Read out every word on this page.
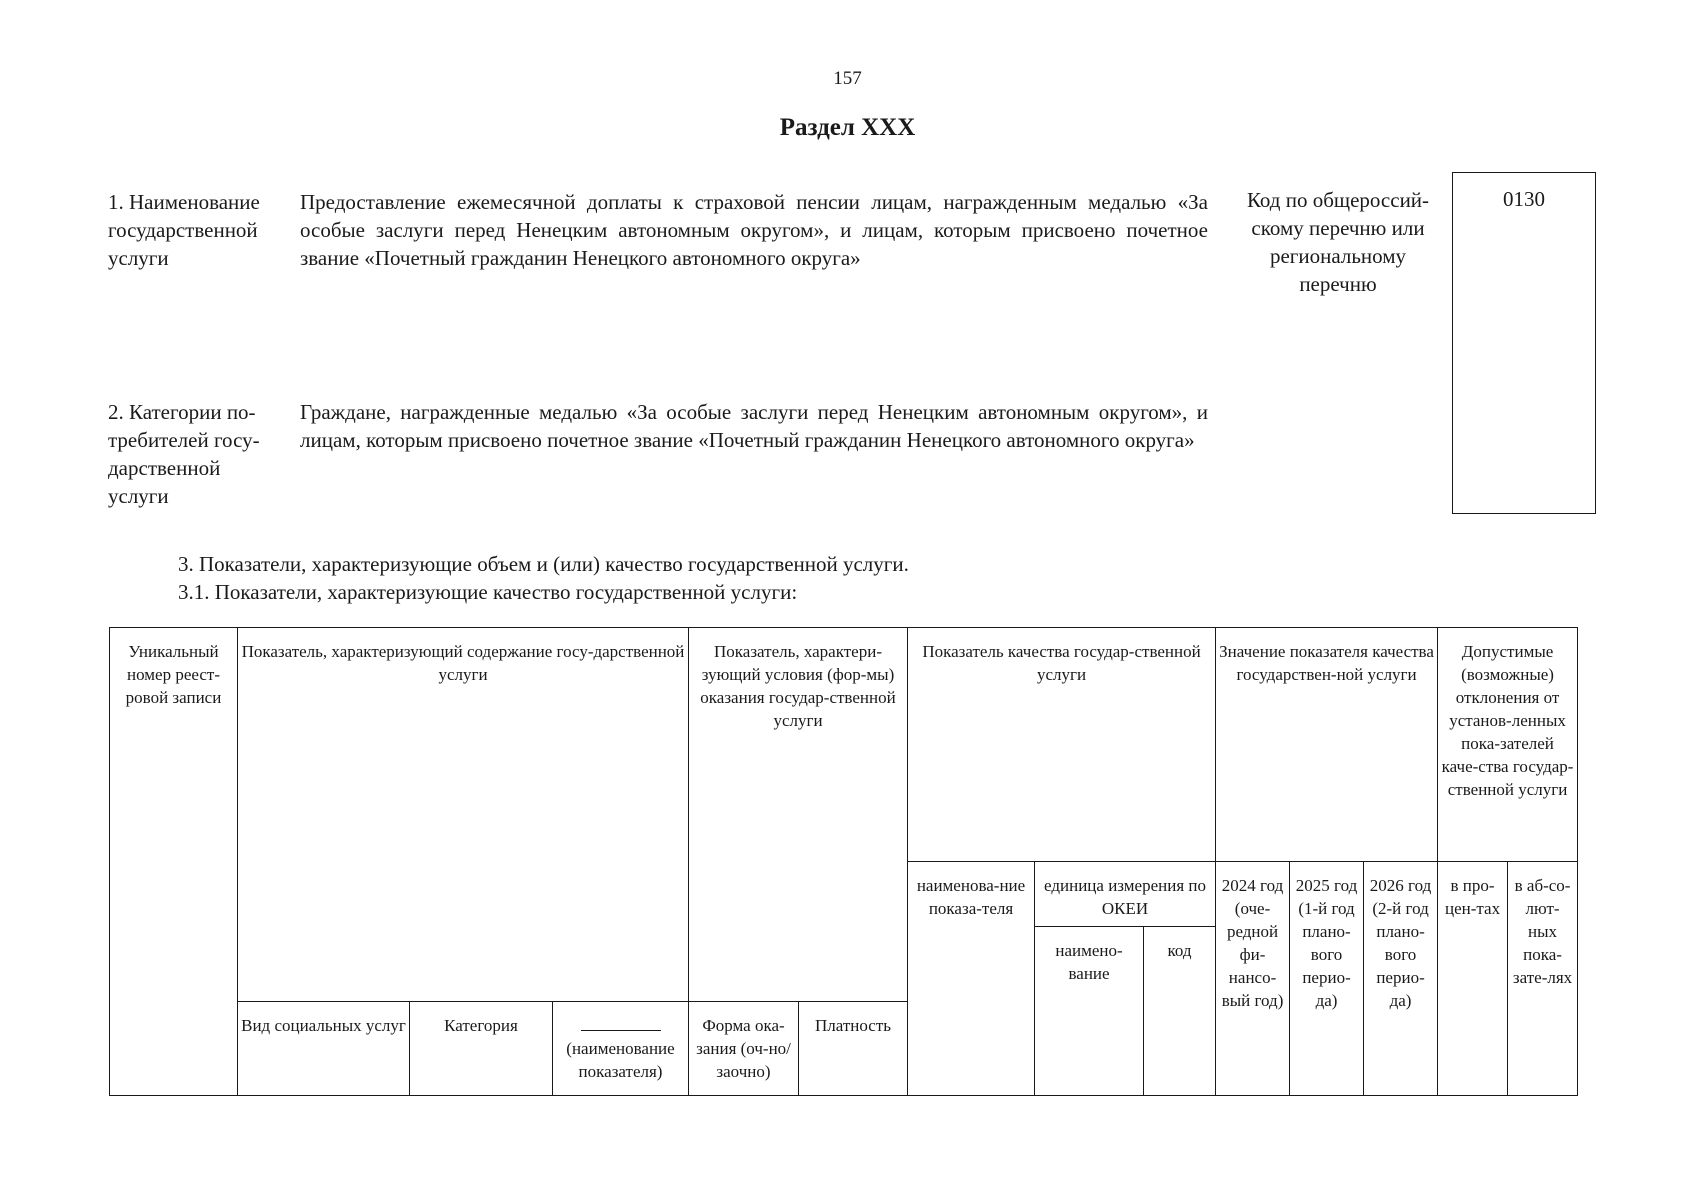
157
Раздел XXX
1. Наименование
государственной
услуги
Предоставление ежемесячной доплаты к страховой пенсии лицам, награжденным медалью «За особые заслуги перед Ненецким автономным округом», и лицам, которым присвоено почетное звание «Почетный гражданин Ненецкого автономного округа»
Код по общероссий-
скому перечню или
региональному
перечню
0130
2. Категории по-
требителей госу-
дарственной
услуги
Граждане, награжденные медалью «За особые заслуги перед Ненецким автономным округом», и лицам, которым присвоено почетное звание «Почетный гражданин Ненецкого автономного округа»
3. Показатели, характеризующие объем и (или) качество государственной услуги.
3.1. Показатели, характеризующие качество государственной услуги:
Уникальный номер реест-ровой записи	Показатель, характеризующий содержание госу-дарственной услуги			Показатель, характери-зующий условия (фор-мы) оказания государ-ственной услуги		Показатель качества государ-ственной услуги			Значение показателя качества государствен-ной услуги			Допустимые (возможные) отклонения от установ-ленных пока-зателей каче-ства государ-ственной услуги	
						наименова-ние показа-теля	единица измерения по ОКЕИ		2024 год (оче-редной фи-нансо-вый год)	2025 год (1-й год плано-вого перио-да)	2026 год (2-й год плано-вого перио-да)	в про-цен-тах	в аб-со-лют-ных пока-зате-лях
							наимено-вание	код					
	Вид социальных услуг	Категория	(наименование показателя)	Форма ока-зания (оч-но/заочно)	Платность								
